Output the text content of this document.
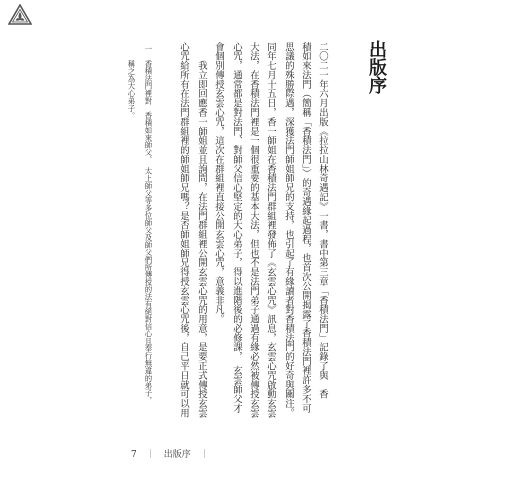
出版序
二〇二一年六月出版《拉拉山林奇遇記》一書，書中第三章「香積法門」記錄了與　香
積如來法門（簡稱「香積法門」）的奇遇緣起過程，也首次公開揭露了香積法門裡許多不可
思議的殊勝際遇，深獲法門師姐師兄的支持，也引起了有緣讀者對香積法門的好奇與關注。
同年七月十五日，香一師姐在香積法門群組裡發佈了《玄雲心咒》訊息，玄雲心咒啟動玄雲
大法，在香積法門裡是一個很重要的基本大法，但也不是法門弟子通過有緣必然被傳授玄雲
心咒，通常都是對法門、對師父信心堅定的大心弟子，得以進階後的必修課，　玄雲師父才
會個別傳授玄雲心咒，這次在群組裡直接公開玄雲心咒，意義非凡。
　　我立即回應香一師姐並且詢問，在法門群組裡公開玄雲心咒的用意，是要正式傳授玄雲
心咒給所有在法門群組裡的師姐師兄嗎？是否師姐師兄得授玄雲心咒後，自己平日就可以用
一　香積法門裡對　香積如來師父、　太上師父等多位師父及師父們所傳授的法有絕對信心且奉行無違的弟子，
稱之為大心弟子。
7 ｜ 出版序 ｜
